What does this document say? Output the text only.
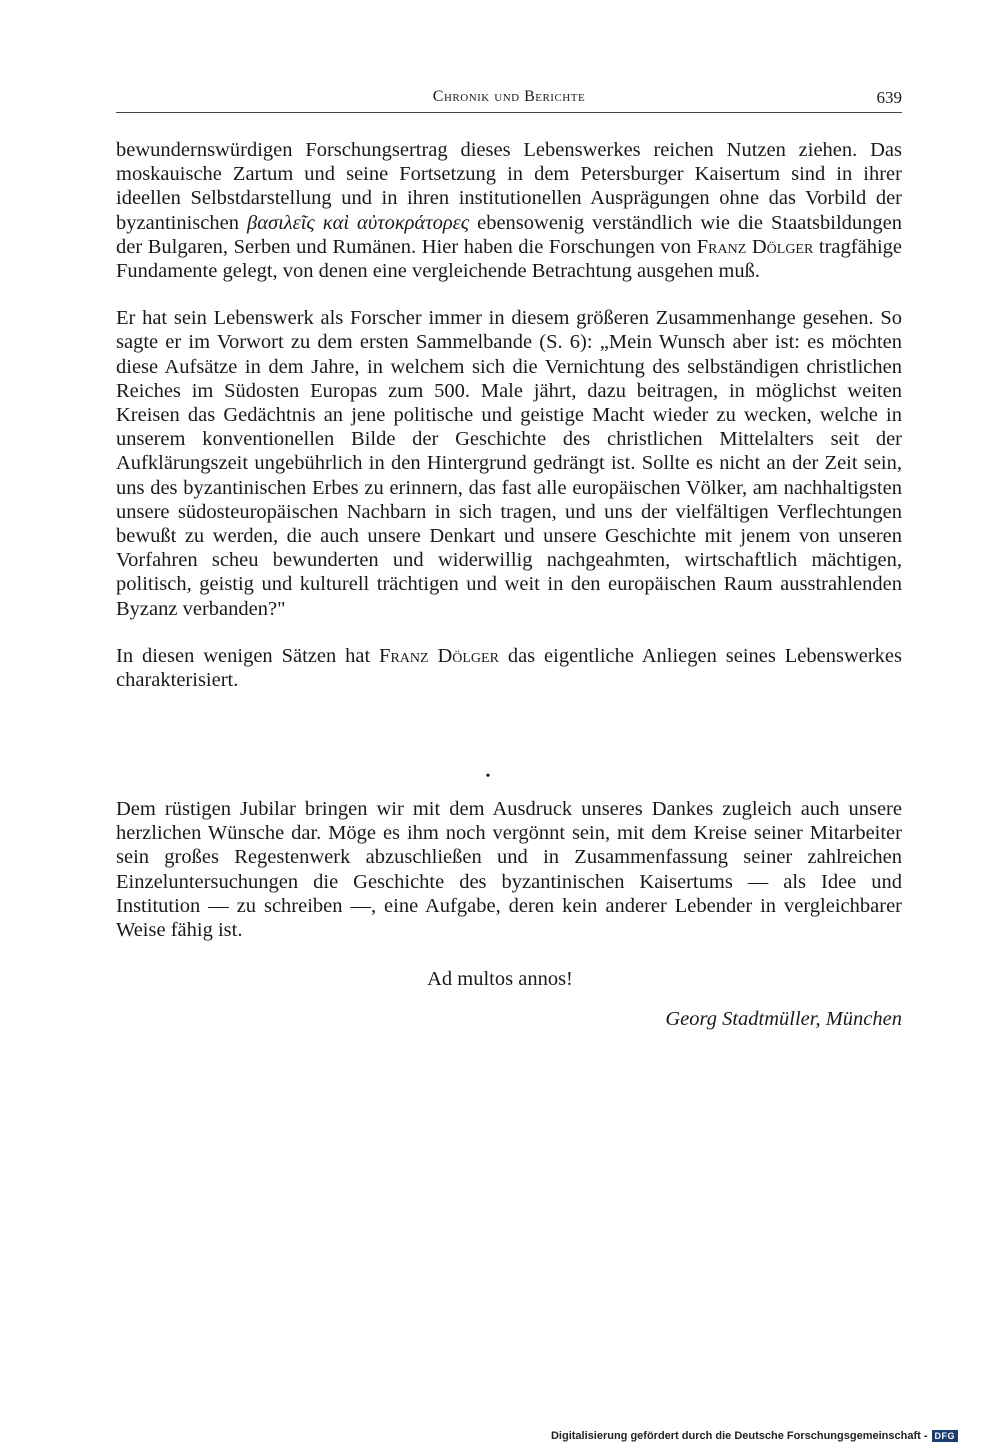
Chronik und Berichte	639

bewundernswürdigen Forschungsertrag dieses Lebenswerkes reichen Nutzen ziehen. Das moskauische Zartum und seine Fortsetzung in dem Petersburger Kaisertum sind in ihrer ideellen Selbstdarstellung und in ihren institutionellen Ausprägungen ohne das Vorbild der byzantinischen βασιλεῖς καὶ αὐτοκράτορες ebensowenig verständlich wie die Staatsbildungen der Bulgaren, Serben und Rumänen. Hier haben die Forschungen von Franz Dölger tragfähige Fundamente gelegt, von denen eine vergleichende Betrachtung ausgehen muß.

Er hat sein Lebenswerk als Forscher immer in diesem größeren Zusammenhange gesehen. So sagte er im Vorwort zu dem ersten Sammelbande (S. 6): „Mein Wunsch aber ist: es möchten diese Aufsätze in dem Jahre, in welchem sich die Vernichtung des selbständigen christlichen Reiches im Südosten Europas zum 500. Male jährt, dazu beitragen, in möglichst weiten Kreisen das Gedächtnis an jene politische und geistige Macht wieder zu wecken, welche in unserem konventionellen Bilde der Geschichte des christlichen Mittelalters seit der Aufklärungszeit ungebührlich in den Hintergrund gedrängt ist. Sollte es nicht an der Zeit sein, uns des byzantinischen Erbes zu erinnern, das fast alle europäischen Völker, am nachhaltigsten unsere südosteuropäischen Nachbarn in sich tragen, und uns der vielfältigen Verflechtungen bewußt zu werden, die auch unsere Denkart und unsere Geschichte mit jenem von unseren Vorfahren scheu bewunderten und widerwillig nachgeahmten, wirtschaftlich mächtigen, politisch, geistig und kulturell trächtigen und weit in den europäischen Raum ausstrahlenden Byzanz verbanden?"

In diesen wenigen Sätzen hat Franz Dölger das eigentliche Anliegen seines Lebenswerkes charakterisiert.

•

Dem rüstigen Jubilar bringen wir mit dem Ausdruck unseres Dankes zugleich auch unsere herzlichen Wünsche dar. Möge es ihm noch vergönnt sein, mit dem Kreise seiner Mitarbeiter sein großes Regestenwerk abzuschließen und in Zusammenfassung seiner zahlreichen Einzeluntersuchungen die Geschichte des byzantinischen Kaisertums — als Idee und Institution — zu schreiben —, eine Aufgabe, deren kein anderer Lebender in vergleichbarer Weise fähig ist.

Ad multos annos!
Georg Stadtmüller, München
Digitalisierung gefördert durch die Deutsche Forschungsgemeinschaft - DFG
